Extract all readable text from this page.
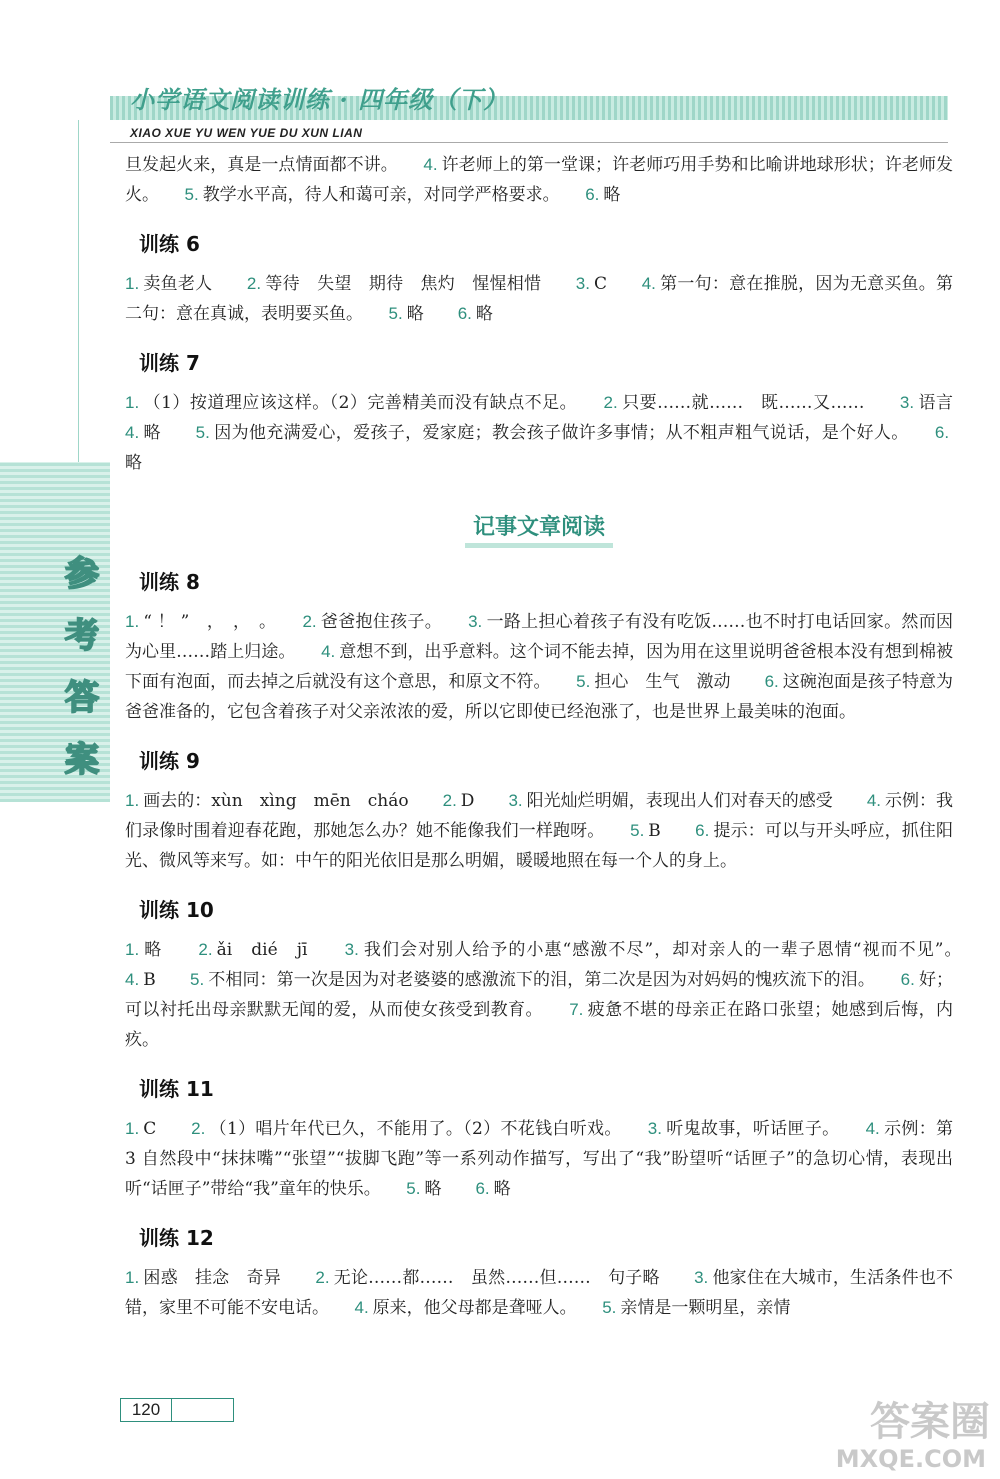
小学语文阅读训练 · 四年级（下）
XIAO XUE YU WEN YUE DU XUN LIAN
参
考
答
案

旦发起火来，真是一点情面都不讲。　　 4. 许老师上的第一堂课；许老师巧用手势和比喻讲地球形状；许老师发火。　　 5. 教学水平高，待人和蔼可亲，对同学严格要求。　　 6. 略　　

训练 6

1. 卖鱼老人　　 2. 等待　失望　期待　焦灼　惺惺相惜　　 3. C　　 4. 第一句：意在推脱，因为无意买鱼。第二句：意在真诚，表明要买鱼。　　 5. 略　　 6. 略　　

训练 7

1. （1）按道理应该这样。（2）完善精美而没有缺点不足。　　 2. 只要……就……　既……又……　　 3. 语言　　4. 略　　 5. 因为他充满爱心，爱孩子，爱家庭；教会孩子做许多事情；从不粗声粗气说话，是个好人。　　 6.略　　

记事文章阅读
训练 8

1. “ ！ ”　，　，　。　　 2. 爸爸抱住孩子。　　 3. 一路上担心着孩子有没有吃饭……也不时打电话回家。然而因为心里……踏上归途。　　 4. 意想不到，出乎意料。这个词不能去掉，因为用在这里说明爸爸根本没有想到棉被下面有泡面，而去掉之后就没有这个意思，和原文不符。　　 5. 担心　生气　激动　　 6. 这碗泡面是孩子特意为爸爸准备的，它包含着孩子对父亲浓浓的爱，所以它即使已经泡涨了，也是世界上最美味的泡面。　　

训练 9

1. 画去的：xùn　xìng　mēn　cháo　　 2. D　　 3. 阳光灿烂明媚，表现出人们对春天的感受　　 4. 示例：我们录像时围着迎春花跑，那她怎么办？她不能像我们一样跑呀。　　 5. B　　 6. 提示：可以与开头呼应，抓住阳光、微风等来写。如：中午的阳光依旧是那么明媚，暖暖地照在每一个人的身上。　　

训练 10

1. 略　　 2. ǎi　dié　jī　　 3. 我们会对别人给予的小惠“感激不尽”，却对亲人的一辈子恩情“视而不见”。　　4. B　　 5. 不相同：第一次是因为对老婆婆的感激流下的泪，第二次是因为对妈妈的愧疚流下的泪。　　 6. 好；可以衬托出母亲默默无闻的爱，从而使女孩受到教育。　　 7. 疲惫不堪的母亲正在路口张望；她感到后悔，内疚。　　

训练 11

1. C　　 2. （1）唱片年代已久，不能用了。（2）不花钱白听戏。　　 3. 听鬼故事，听话匣子。　　 4. 示例：第 3 自然段中“抹抹嘴”“张望”“拔脚飞跑”等一系列动作描写，写出了“我”盼望听“话匣子”的急切心情，表现出听“话匣子”带给“我”童年的快乐。　　 5. 略　　 6. 略　　

训练 12

1. 困惑　挂念　奇异　　 2. 无论……都……　虽然……但……　句子略　　 3. 他家住在大城市，生活条件也不错，家里不可能不安电话。　　 4. 原来，他父母都是聋哑人。　　 5. 亲情是一颗明星，亲情　　

120	答案圈
MXQE.COM
